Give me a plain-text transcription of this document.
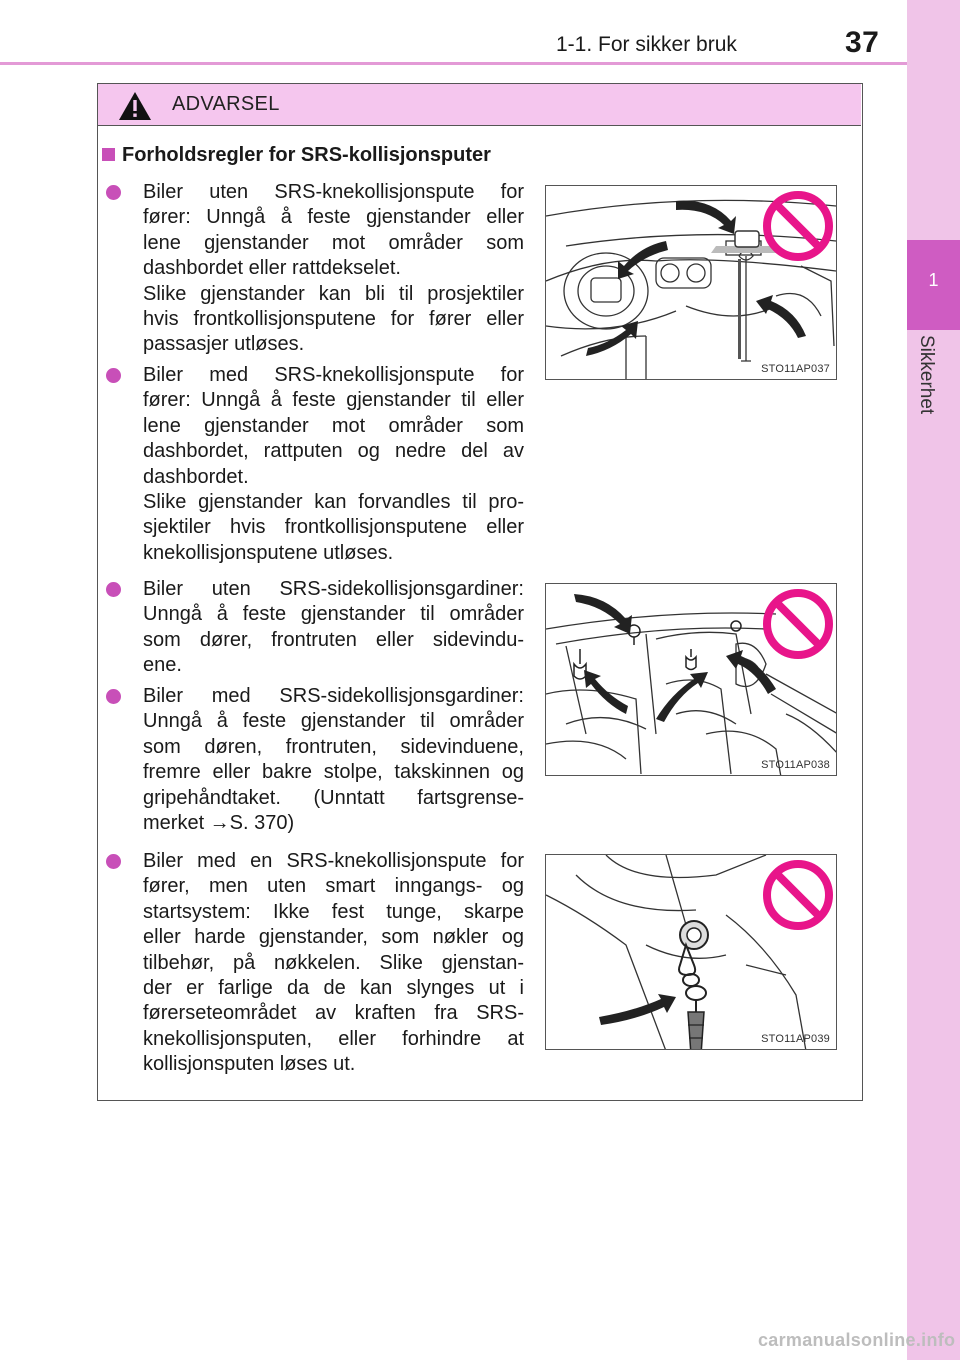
1-1. For sikker bruk	37
1
Sikkerhet
ADVARSEL
Forholdsregler for SRS-kollisjonsputer
Biler uten SRS-knekollisjonspute for
fører: Unngå å feste gjenstander eller
lene gjenstander mot områder som
dashbordet eller rattdekselet.
Slike gjenstander kan bli til prosjektiler
hvis frontkollisjonsputene for fører eller
passasjer utløses.
Biler med SRS-knekollisjonspute for
fører: Unngå å feste gjenstander til eller
lene gjenstander mot områder som
dashbordet, rattputen og nedre del av
dashbordet.
Slike gjenstander kan forvandles til pro-
sjektiler hvis frontkollisjonsputene eller
knekollisjonsputene utløses.
Biler uten SRS-sidekollisjonsgardiner:
Unngå å feste gjenstander til områder
som dører, frontruten eller sidevindu-
ene.
Biler med SRS-sidekollisjonsgardiner:
Unngå å feste gjenstander til områder
som døren, frontruten, sidevinduene,
fremre eller bakre stolpe, takskinnen og
gripehåndtaket. (Unntatt fartsgrense-
merket →S. 370)
Biler med en SRS-knekollisjonspute for
fører, men uten smart inngangs- og
startsystem: Ikke fest tunge, skarpe
eller harde gjenstander, som nøkler og
tilbehør, på nøkkelen. Slike gjenstan-
der er farlige da de kan slynges ut i
førerseteområdet av kraften fra SRS-
knekollisjonsputen, eller forhindre at
kollisjonsputen løses ut.
STO11AP037
STO11AP038
STO11AP039
carmanualsonline.info
